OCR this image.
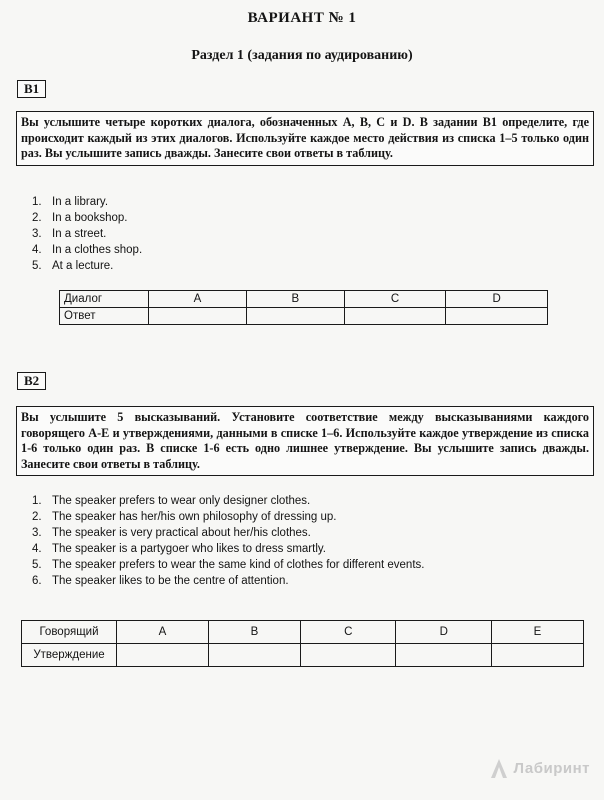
ВАРИАНТ № 1
Раздел 1 (задания по аудированию)
B1
Вы услышите четыре коротких диалога, обозначенных А, В, С и D. В задании В1 определите, где происходит каждый из этих диалогов. Используйте каждое место действия из списка 1–5 только один раз. Вы услышите запись дважды. Занесите свои ответы в таблицу.
1. In a library.
2. In a bookshop.
3. In a street.
4. In a clothes shop.
5. At a lecture.
Диалог	A	B	C	D
Ответ				
B2
Вы услышите 5 высказываний. Установите соответствие между высказываниями каждого говорящего А-Е и утверждениями, данными в списке 1–6. Используйте каждое утверждение из списка 1-6 только один раз. В списке 1-6 есть одно лишнее утверждение. Вы услышите запись дважды. Занесите свои ответы в таблицу.
1. The speaker prefers to wear only designer clothes.
2. The speaker has her/his own philosophy of dressing up.
3. The speaker is very practical about her/his clothes.
4. The speaker is a partygoer who likes to dress smartly.
5. The speaker prefers to wear the same kind of clothes for different events.
6. The speaker likes to be the centre of attention.
Говорящий	A	B	C	D	E
Утверждение					
Лабиринт
